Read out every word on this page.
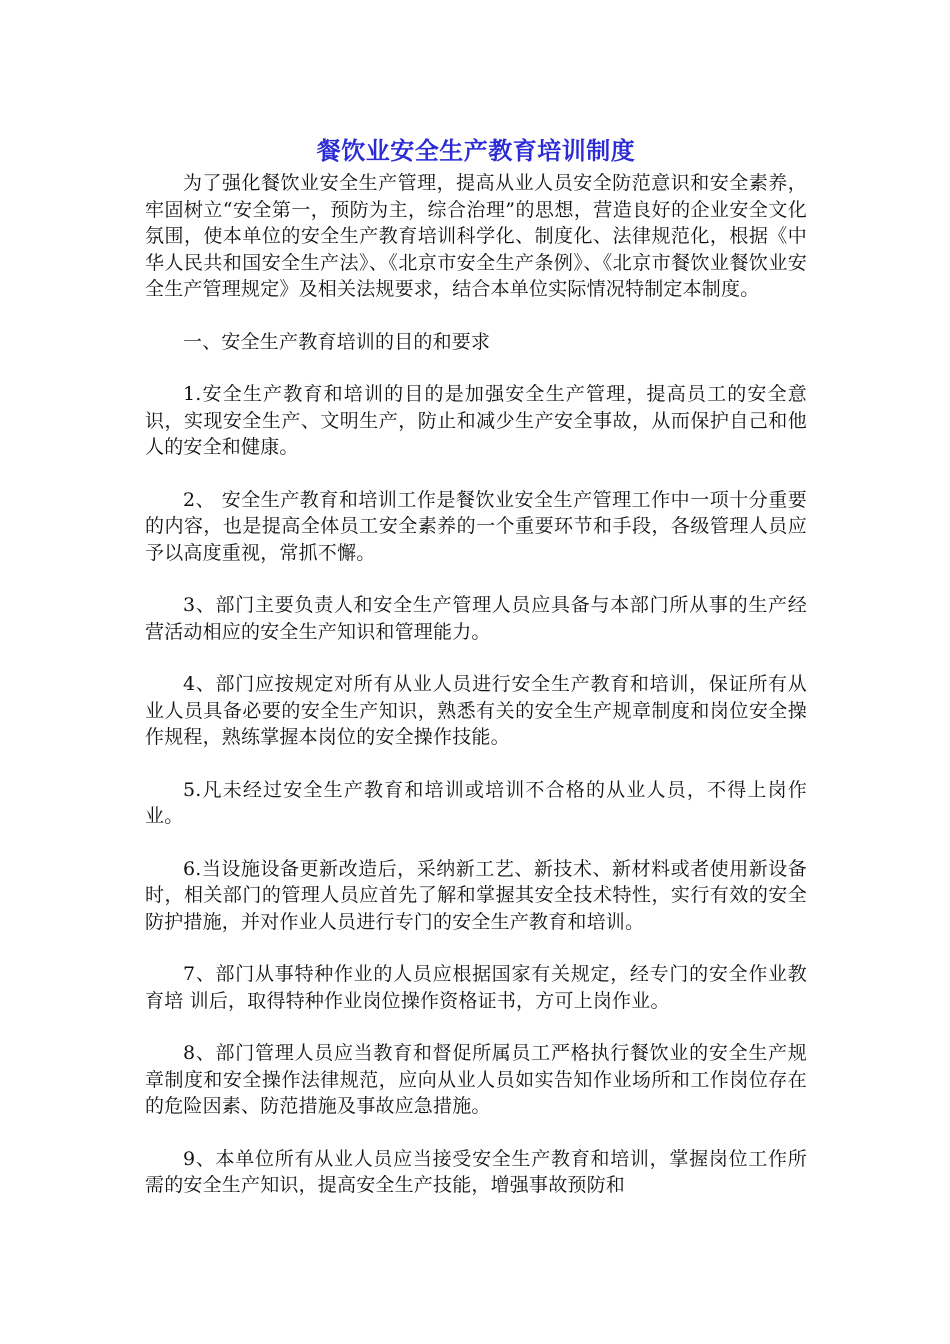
餐饮业安全生产教育培训制度

为了强化餐饮业安全生产管理，提高从业人员安全防范意识和安全素养，牢固树立“安全第一，预防为主，综合治理”的思想，营造良好的企业安全文化氛围，使本单位的安全生产教育培训科学化、制度化、法律规范化，根据《中华人民共和国安全生产法》、《北京市安全生产条例》、《北京市餐饮业餐饮业安全生产管理规定》及相关法规要求，结合本单位实际情况特制定本制度。

一、安全生产教育培训的目的和要求

1.安全生产教育和培训的目的是加强安全生产管理，提高员工的安全意识，实现安全生产、文明生产，防止和减少生产安全事故，从而保护自己和他人的安全和健康。

2、 安全生产教育和培训工作是餐饮业安全生产管理工作中一项十分重要的内容，也是提高全体员工安全素养的一个重要环节和手段，各级管理人员应予以高度重视，常抓不懈。

3、部门主要负责人和安全生产管理人员应具备与本部门所从事的生产经营活动相应的安全生产知识和管理能力。

4、部门应按规定对所有从业人员进行安全生产教育和培训，保证所有从业人员具备必要的安全生产知识，熟悉有关的安全生产规章制度和岗位安全操作规程，熟练掌握本岗位的安全操作技能。

5.凡未经过安全生产教育和培训或培训不合格的从业人员，不得上岗作业。

6.当设施设备更新改造后，采纳新工艺、新技术、新材料或者使用新设备时，相关部门的管理人员应首先了解和掌握其安全技术特性，实行有效的安全防护措施，并对作业人员进行专门的安全生产教育和培训。

7、部门从事特种作业的人员应根据国家有关规定，经专门的安全作业教育培 训后，取得特种作业岗位操作资格证书，方可上岗作业。

8、部门管理人员应当教育和督促所属员工严格执行餐饮业的安全生产规章制度和安全操作法律规范，应向从业人员如实告知作业场所和工作岗位存在的危险因素、防范措施及事故应急措施。

9、本单位所有从业人员应当接受安全生产教育和培训，掌握岗位工作所需的安全生产知识，提高安全生产技能，增强事故预防和
